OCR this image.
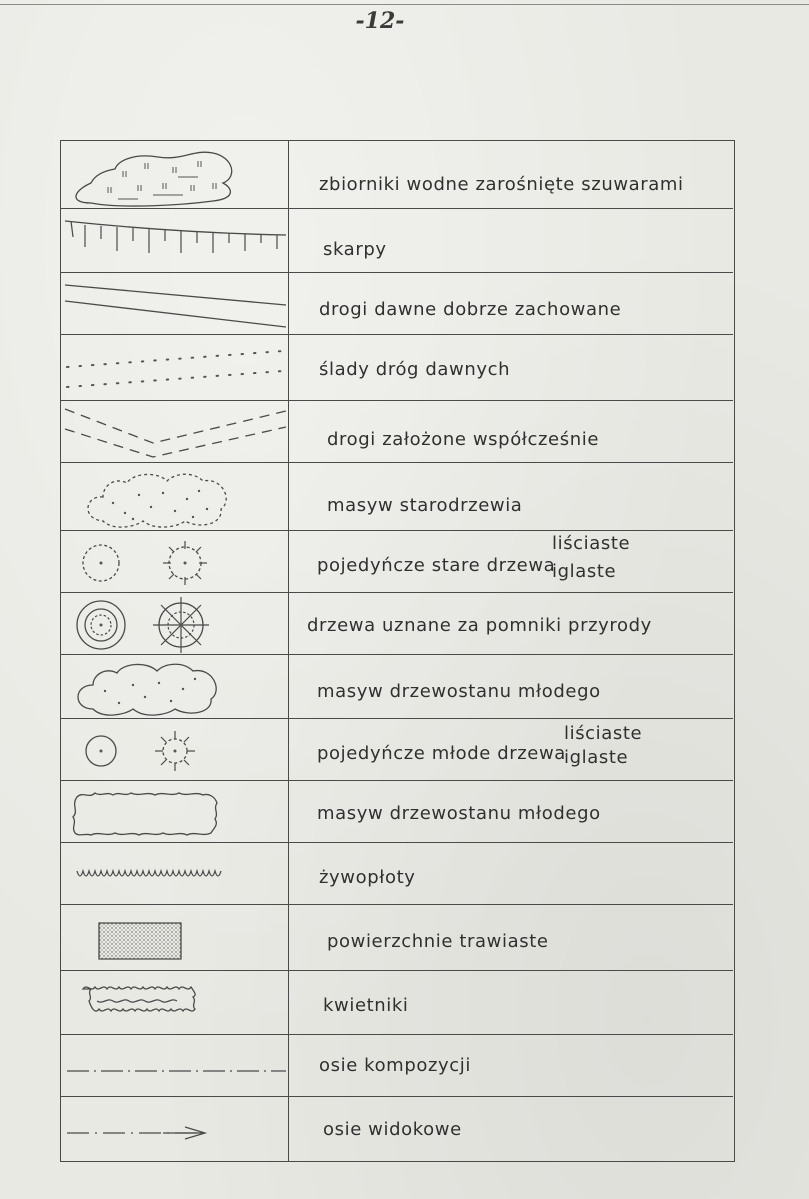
-12-
zbiorniki wodne zarośnięte szuwarami
skarpy
drogi dawne dobrze zachowane
ślady dróg dawnych
drogi założone współcześnie
masyw starodrzewia
pojedyńcze stare drzewa
liściaste
iglaste
drzewa uznane za pomniki przyrody
masyw drzewostanu młodego
pojedyńcze młode drzewa
liściaste
iglaste
masyw drzewostanu młodego
żywopłoty
powierzchnie trawiaste
kwietniki
osie kompozycji
osie widokowe
